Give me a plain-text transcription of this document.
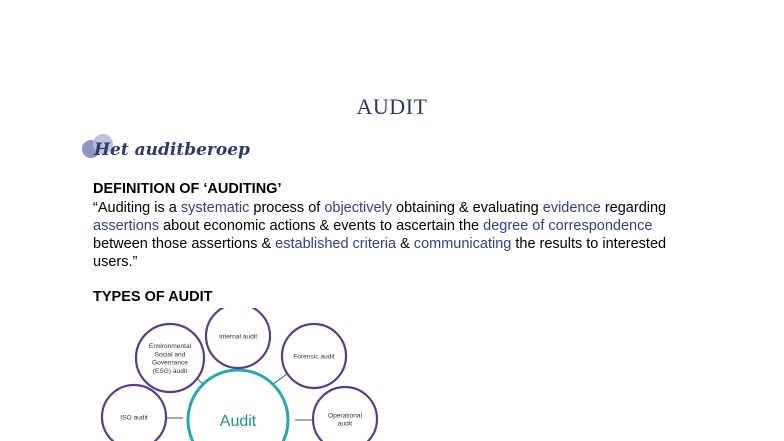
AUDIT
Het auditberoep
DEFINITION OF ‘AUDITING’
“Auditing is a systematic process of objectively obtaining & evaluating evidence regarding assertions about economic actions & events to ascertain the degree of correspondence between those assertions & established criteria & communicating the results to interested users.”
TYPES OF AUDIT
Audit
Internal audit
Forensic audit
Operational
audit
ISO audit
Environmental
Social and
Governance
(ESG) audit
